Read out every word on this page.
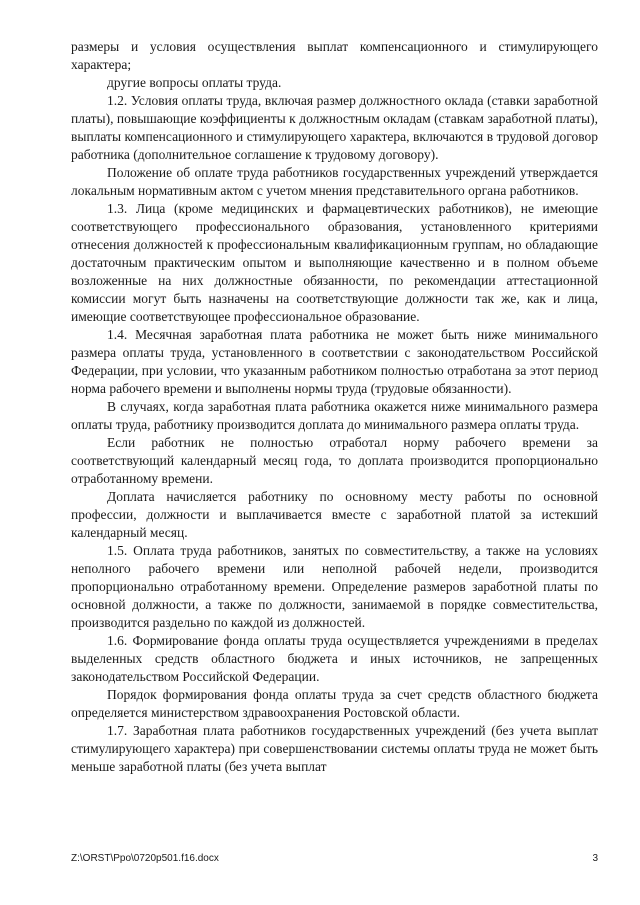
размеры и условия осуществления выплат компенсационного и стимулирующего характера;

другие вопросы оплаты труда.

1.2. Условия оплаты труда, включая размер должностного оклада (ставки заработной платы), повышающие коэффициенты к должностным окладам (ставкам заработной платы), выплаты компенсационного и стимулирующего характера, включаются в трудовой договор работника (дополнительное соглашение к трудовому договору).

Положение об оплате труда работников государственных учреждений утверждается локальным нормативным актом с учетом мнения представительного органа работников.

1.3. Лица (кроме медицинских и фармацевтических работников), не имеющие соответствующего профессионального образования, установленного критериями отнесения должностей к профессиональным квалификационным группам, но обладающие достаточным практическим опытом и выполняющие качественно и в полном объеме возложенные на них должностные обязанности, по рекомендации аттестационной комиссии могут быть назначены на соответствующие должности так же, как и лица, имеющие соответствующее профессиональное образование.

1.4. Месячная заработная плата работника не может быть ниже минимального размера оплаты труда, установленного в соответствии с законодательством Российской Федерации, при условии, что указанным работником полностью отработана за этот период норма рабочего времени и выполнены нормы труда (трудовые обязанности).

В случаях, когда заработная плата работника окажется ниже минимального размера оплаты труда, работнику производится доплата до минимального размера оплаты труда.

Если работник не полностью отработал норму рабочего времени за соответствующий календарный месяц года, то доплата производится пропорционально отработанному времени.

Доплата начисляется работнику по основному месту работы по основной профессии, должности и выплачивается вместе с заработной платой за истекший календарный месяц.

1.5. Оплата труда работников, занятых по совместительству, а также на условиях неполного рабочего времени или неполной рабочей недели, производится пропорционально отработанному времени. Определение размеров заработной платы по основной должности, а также по должности, занимаемой в порядке совместительства, производится раздельно по каждой из должностей.

1.6. Формирование фонда оплаты труда осуществляется учреждениями в пределах выделенных средств областного бюджета и иных источников, не запрещенных законодательством Российской Федерации.

Порядок формирования фонда оплаты труда за счет средств областного бюджета определяется министерством здравоохранения Ростовской области.

1.7. Заработная плата работников государственных учреждений (без учета выплат стимулирующего характера) при совершенствовании системы оплаты труда не может быть меньше заработной платы (без учета выплат

Z:\ORST\Ppo\0720p501.f16.docx	3
